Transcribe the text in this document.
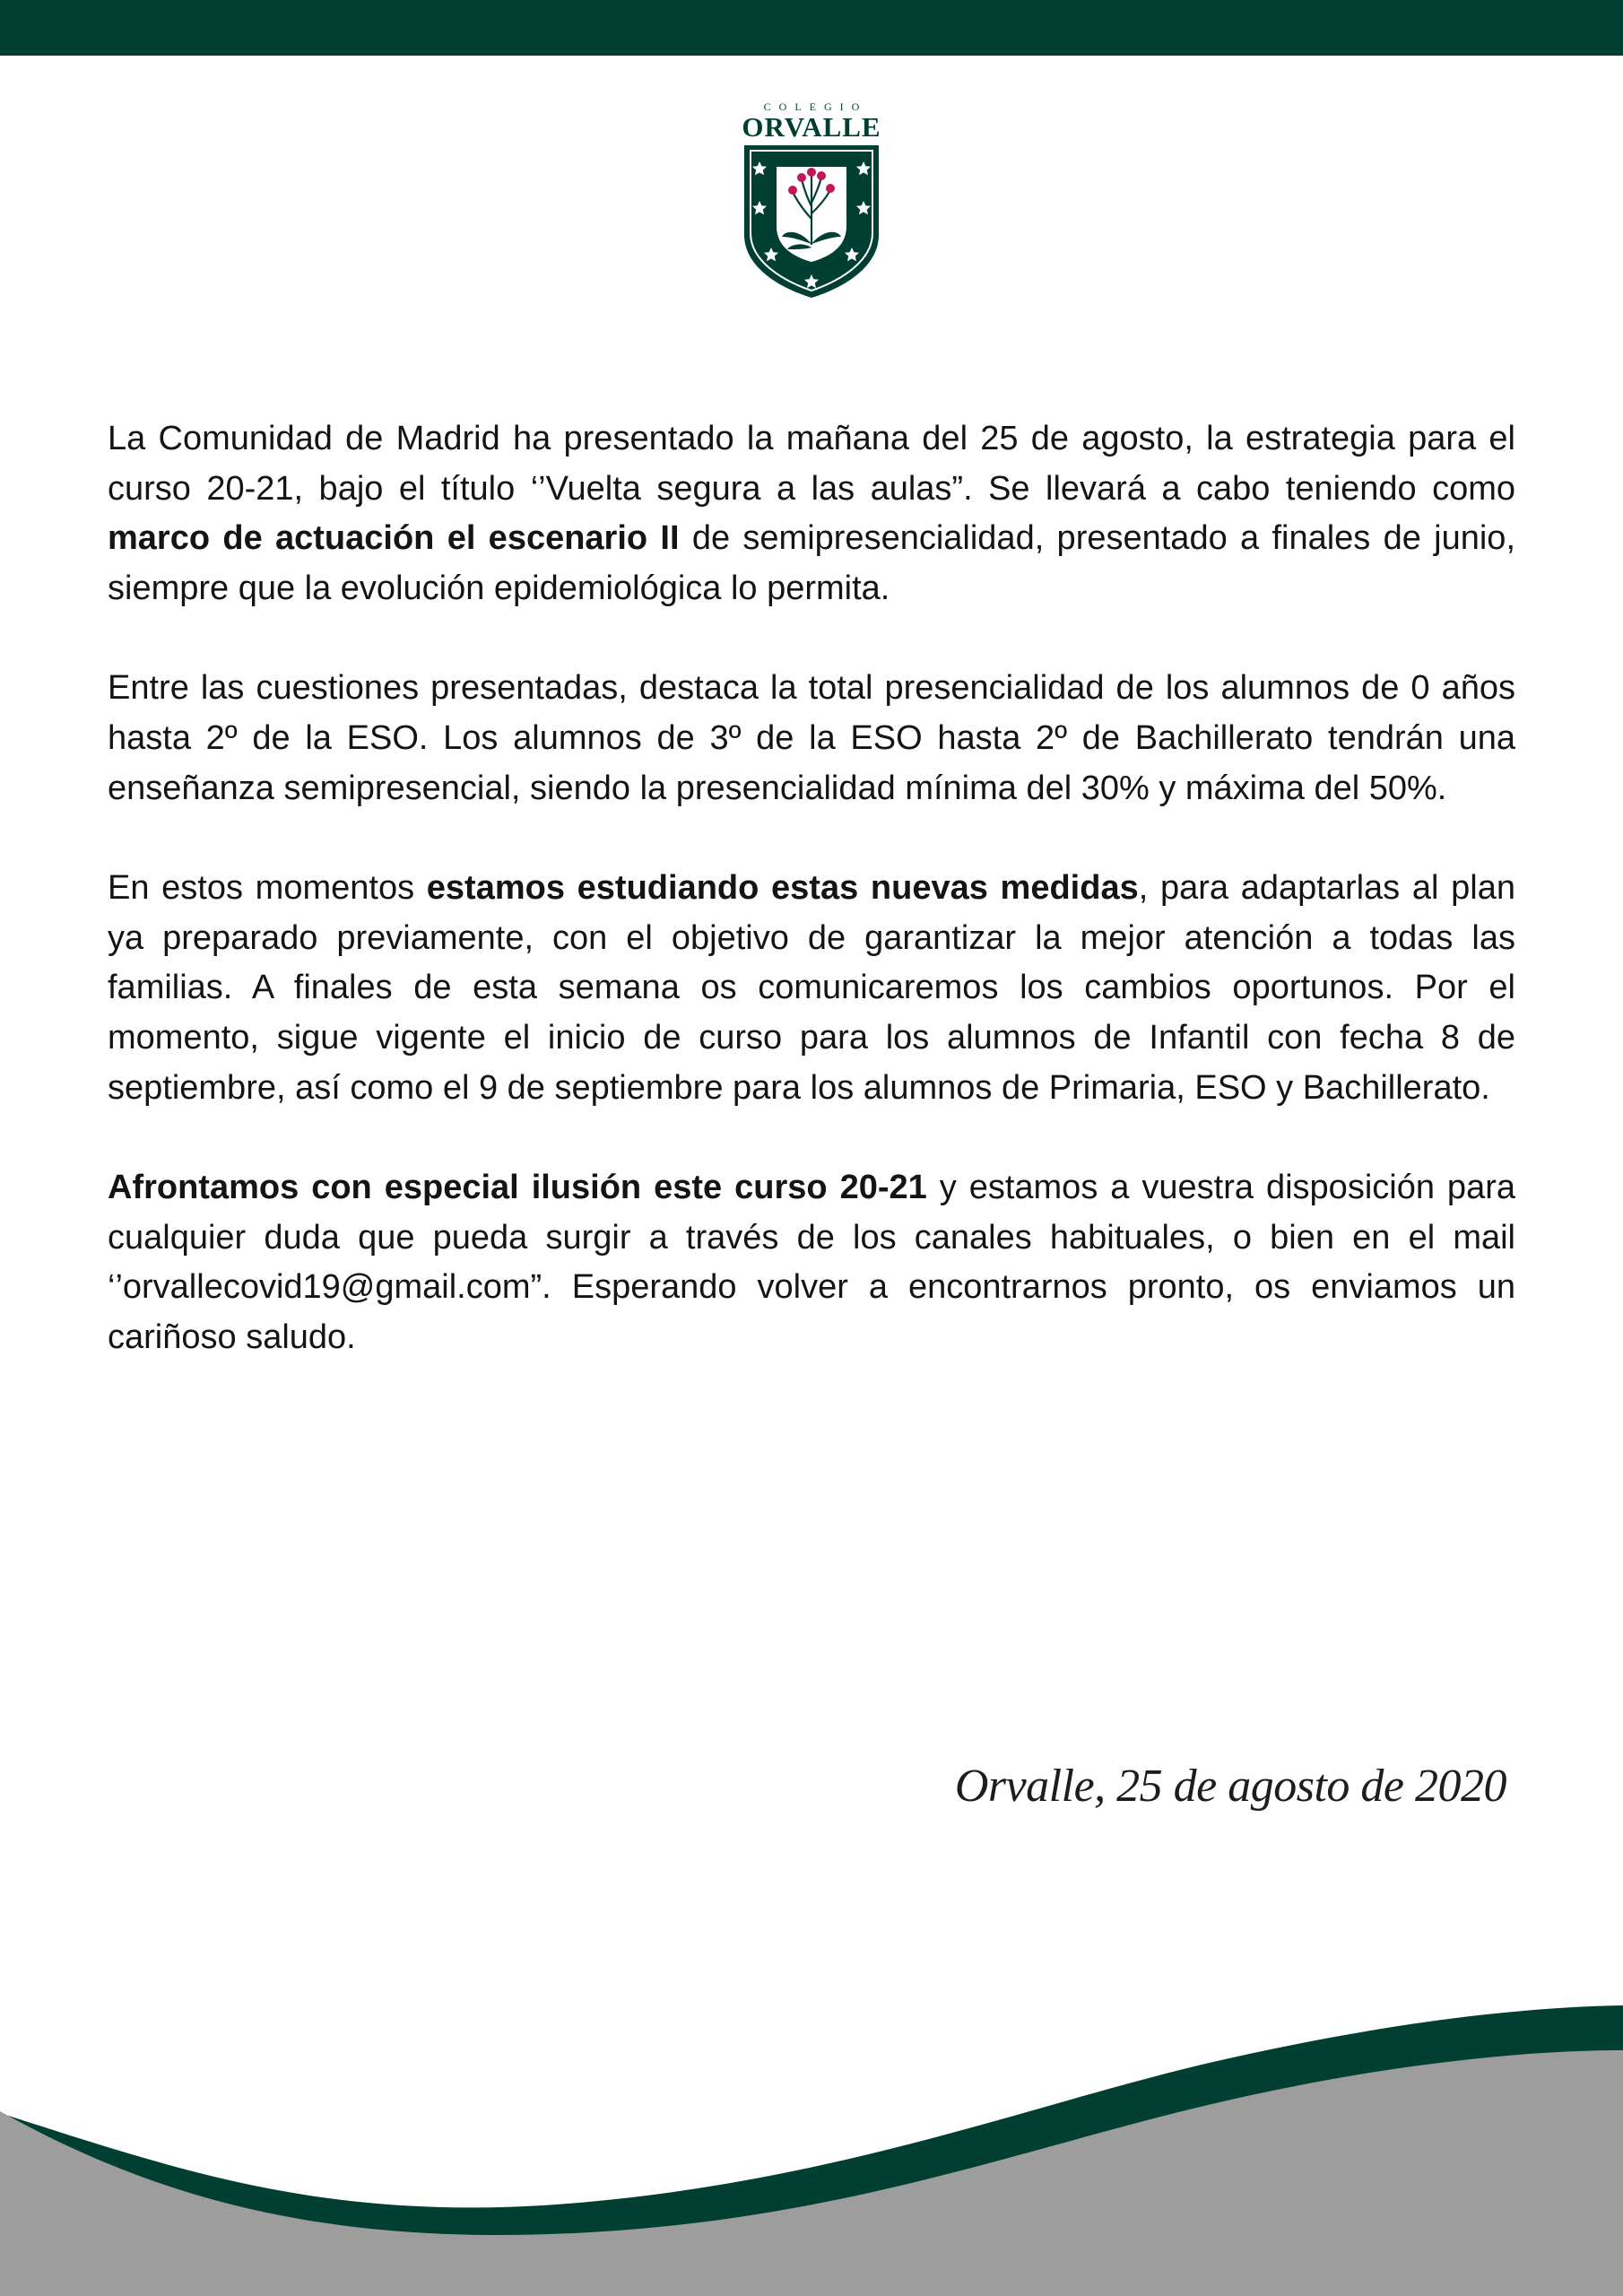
COLEGIO
ORVALLE

La Comunidad de Madrid ha presentado la mañana del 25 de agosto, la estrategia para el curso 20-21, bajo el título ‘’Vuelta segura a las aulas”. Se llevará a cabo teniendo como marco de actuación el escenario II de semipresencialidad, presentado a finales de junio, siempre que la evolución epidemiológica lo permita.

Entre las cuestiones presentadas, destaca la total presencialidad de los alumnos de 0 años hasta 2º de la ESO. Los alumnos de 3º de la ESO hasta 2º de Bachillerato tendrán una enseñanza semipresencial, siendo la presencialidad mínima del 30% y máxima del 50%.

En estos momentos estamos estudiando estas nuevas medidas, para adaptarlas al plan ya preparado previamente, con el objetivo de garantizar la mejor atención a todas las familias. A finales de esta semana os comunicaremos los cambios oportunos. Por el momento, sigue vigente el inicio de curso para los alumnos de Infantil con fecha 8 de septiembre, así como el 9 de septiembre para los alumnos de Primaria, ESO y Bachillerato.

Afrontamos con especial ilusión este curso 20-21 y estamos a vuestra disposición para cualquier duda que pueda surgir a través de los canales habituales, o bien en el mail ‘’orvallecovid19@gmail.com”. Esperando volver a encontrarnos pronto, os enviamos un cariñoso saludo.

Orvalle, 25 de agosto de 2020
